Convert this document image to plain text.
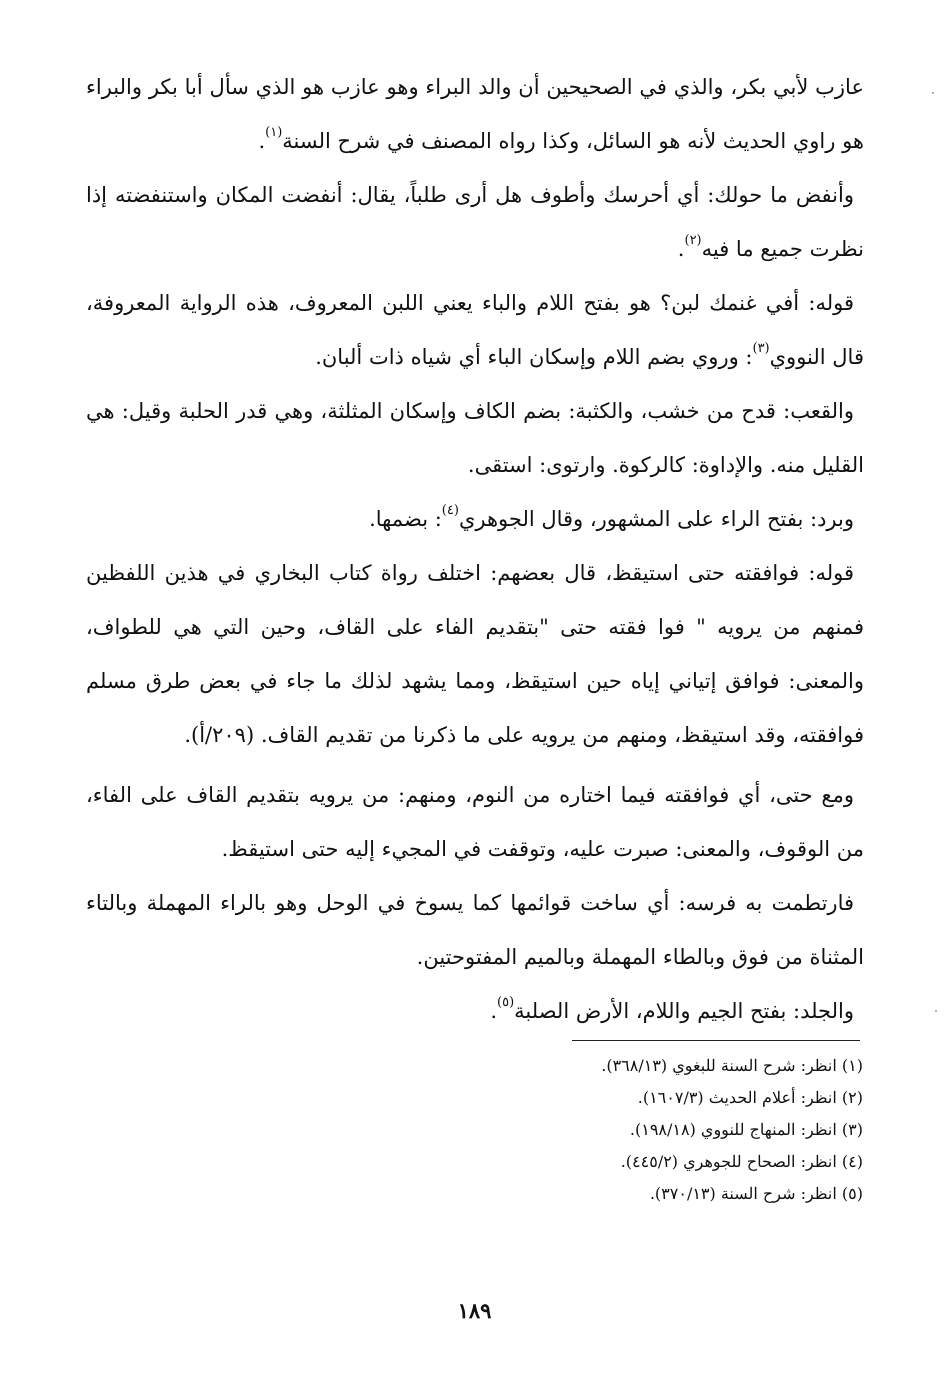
عازب لأبي بكر، والذي في الصحيحين أن والد البراء وهو عازب هو الذي سأل أبا بكر والبراء هو راوي الحديث لأنه هو السائل، وكذا رواه المصنف في شرح السنة$^{(١)}$.

وأنفض ما حولك: أي أحرسك وأطوف هل أرى طلباً، يقال: أنفضت المكان واستنفضته إذا نظرت جميع ما فيه$^{(٢)}$.

قوله: أفي غنمك لبن؟ هو بفتح اللام والباء يعني اللبن المعروف، هذه الرواية المعروفة، قال النووي$^{(٣)}$: وروي بضم اللام وإسكان الباء أي شياه ذات ألبان.

والقعب: قدح من خشب، والكثبة: بضم الكاف وإسكان المثلثة، وهي قدر الحلبة وقيل: هي القليل منه. والإداوة: كالركوة. وارتوى: استقى.

وبرد: بفتح الراء على المشهور، وقال الجوهري$^{(٤)}$: بضمها.

قوله: فوافقته حتى استيقظ، قال بعضهم: اختلف رواة كتاب البخاري في هذين اللفظين فمنهم من يرويه " فوا فقته حتى "بتقديم الفاء على القاف، وحين التي هي للطواف، والمعنى: فوافق إتياني إياه حين استيقظ، ومما يشهد لذلك ما جاء في بعض طرق مسلم فوافقته، وقد استيقظ، ومنهم من يرويه على ما ذكرنا من تقديم القاف. (٢٠٩/أ).

ومع حتى، أي فوافقته فيما اختاره من النوم، ومنهم: من يرويه بتقديم القاف على الفاء، من الوقوف، والمعنى: صبرت عليه، وتوقفت في المجيء إليه حتى استيقظ.

فارتطمت به فرسه: أي ساخت قوائمها كما يسوخ في الوحل وهو بالراء المهملة وبالتاء المثناة من فوق وبالطاء المهملة وبالميم المفتوحتين.

والجلد: بفتح الجيم واللام، الأرض الصلبة$^{(٥)}$.

(١) انظر: شرح السنة للبغوي (٣٦٨/١٣).
(٢) انظر: أعلام الحديث (١٦٠٧/٣).
(٣) انظر: المنهاج للنووي (١٩٨/١٨).
(٤) انظر: الصحاح للجوهري (٤٤٥/٢).
(٥) انظر: شرح السنة (٣٧٠/١٣).
١٨٩
